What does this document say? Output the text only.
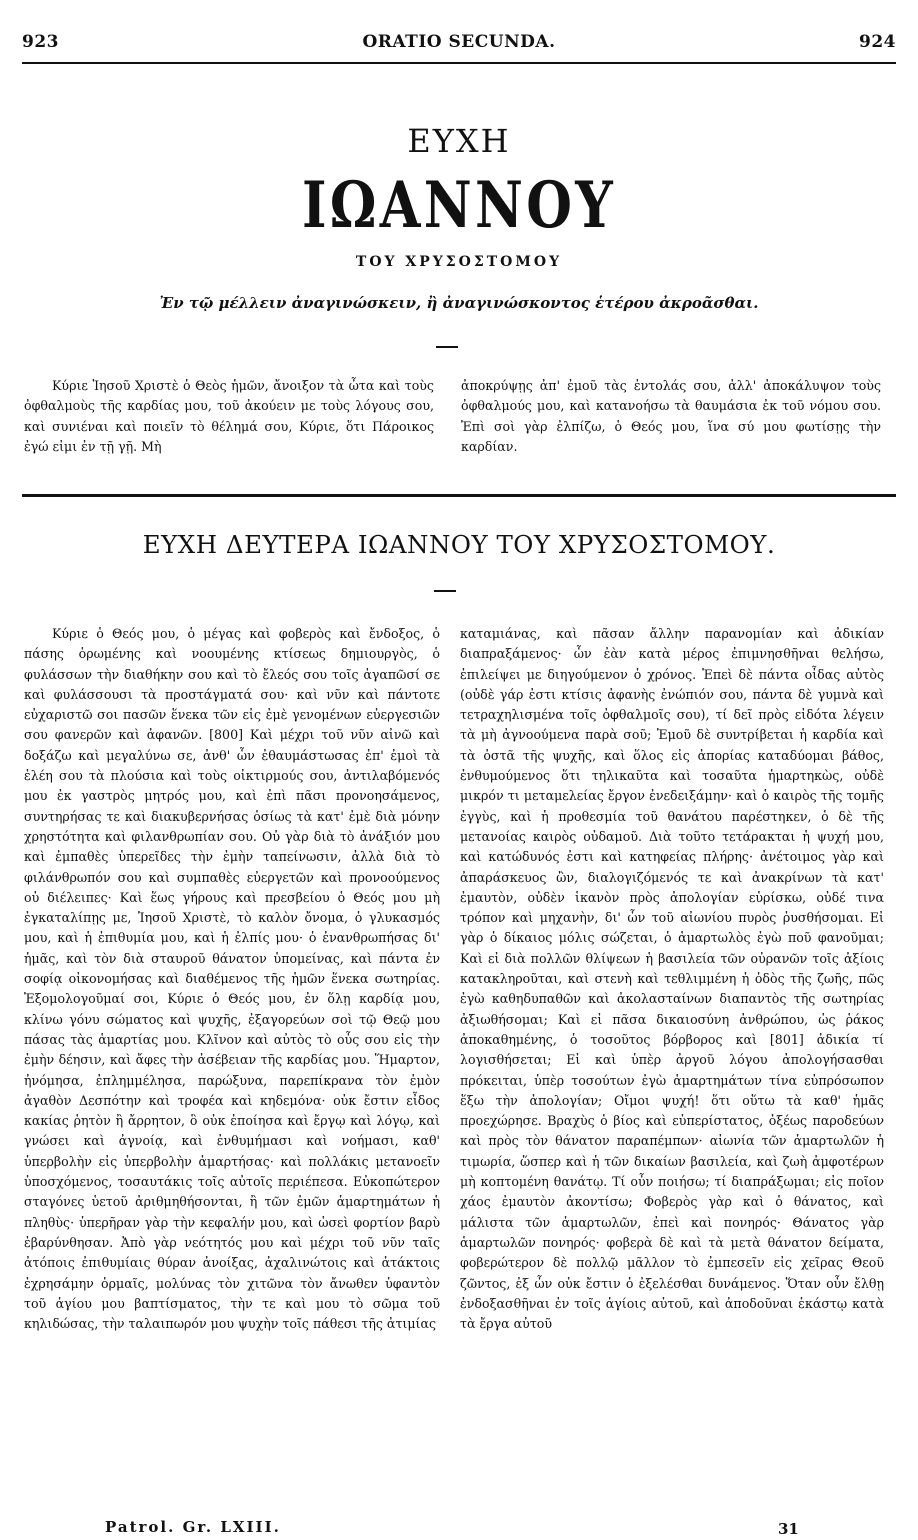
923	ORATIO SECUNDA.	924
ΕΥΧΗ
ΙΩΑΝΝΟΥ
ΤΟΥ ΧΡΥΣΟΣΤΟΜΟΥ
Ἐν τῷ μέλλειν ἀναγινώσκειν, ἢ ἀναγινώσκοντος ἑτέρου ἀκροᾶσθαι.

Κύριε Ἰησοῦ Χριστὲ ὁ Θεὸς ἡμῶν, ἄνοιξον τὰ ὦτα καὶ τοὺς ὀφθαλμοὺς τῆς καρδίας μου, τοῦ ἀκούειν με τοὺς λόγους σου, καὶ συνιέναι καὶ ποιεῖν τὸ θέλημά σου, Κύριε, ὅτι Πάροικος ἐγώ εἰμι ἐν τῇ γῇ. Μὴ

ἀποκρύψῃς ἀπ' ἐμοῦ τὰς ἐντολάς σου, ἀλλ' ἀποκάλυψον τοὺς ὀφθαλμούς μου, καὶ κατανοήσω τὰ θαυμάσια ἐκ τοῦ νόμου σου. Ἐπὶ σοὶ γὰρ ἐλπίζω, ὁ Θεός μου, ἵνα σύ μου φωτίσῃς τὴν καρδίαν.

ΕΥΧΗ ΔΕΥΤΕΡΑ ΙΩΑΝΝΟΥ ΤΟΥ ΧΡΥΣΟΣΤΟΜΟΥ.

Κύριε ὁ Θεός μου, ὁ μέγας καὶ φοβερὸς καὶ ἔνδοξος, ὁ πάσης ὁρωμένης καὶ νοουμένης κτίσεως δημιουργὸς, ὁ φυλάσσων τὴν διαθήκην σου καὶ τὸ ἔλεός σου τοῖς ἀγαπῶσί σε καὶ φυλάσσουσι τὰ προστάγματά σου· καὶ νῦν καὶ πάντοτε εὐχαριστῶ σοι πασῶν ἕνεκα τῶν εἰς ἐμὲ γενομένων εὐεργεσιῶν σου φανερῶν καὶ ἀφανῶν. [800] Καὶ μέχρι τοῦ νῦν αἰνῶ καὶ δοξάζω καὶ μεγαλύνω σε, ἀνθ' ὧν ἐθαυμάστωσας ἐπ' ἐμοὶ τὰ ἐλέη σου τὰ πλούσια καὶ τοὺς οἰκτιρμούς σου, ἀντιλαβόμενός μου ἐκ γαστρὸς μητρός μου, καὶ ἐπὶ πᾶσι προνοησάμενος, συντηρήσας τε καὶ διακυβερνήσας ὁσίως τὰ κατ' ἐμὲ διὰ μόνην χρηστότητα καὶ φιλανθρωπίαν σου. Οὐ γὰρ διὰ τὸ ἀνάξιόν μου καὶ ἐμπαθὲς ὑπερεῖδες τὴν ἐμὴν ταπείνωσιν, ἀλλὰ διὰ τὸ φιλάνθρωπόν σου καὶ συμπαθὲς εὐεργετῶν καὶ προνοούμενος οὐ διέλειπες· Καὶ ἕως γήρους καὶ πρεσβείου ὁ Θεός μου μὴ ἐγκαταλίπῃς με, Ἰησοῦ Χριστὲ, τὸ καλὸν ὄνομα, ὁ γλυκασμός μου, καὶ ἡ ἐπιθυμία μου, καὶ ἡ ἐλπίς μου· ὁ ἐνανθρωπήσας δι' ἡμᾶς, καὶ τὸν διὰ σταυροῦ θάνατον ὑπομείνας, καὶ πάντα ἐν σοφίᾳ οἰκονομήσας καὶ διαθέμενος τῆς ἡμῶν ἕνεκα σωτηρίας. Ἐξομολογοῦμαί σοι, Κύριε ὁ Θεός μου, ἐν ὅλῃ καρδίᾳ μου, κλίνω γόνυ σώματος καὶ ψυχῆς, ἐξαγορεύων σοὶ τῷ Θεῷ μου πάσας τὰς ἁμαρτίας μου. Κλῖνον καὶ αὐτὸς τὸ οὖς σου εἰς τὴν ἐμὴν δέησιν, καὶ ἄφες τὴν ἀσέβειαν τῆς καρδίας μου. Ἥμαρτον, ἠνόμησα, ἐπλημμέλησα, παρώξυνα, παρεπίκρανα τὸν ἐμὸν ἀγαθὸν Δεσπότην καὶ τροφέα καὶ κηδεμόνα· οὐκ ἔστιν εἶδος κακίας ῥητὸν ἢ ἄρρητον, ὃ οὐκ ἐποίησα καὶ ἔργῳ καὶ λόγῳ, καὶ γνώσει καὶ ἀγνοίᾳ, καὶ ἐνθυμήμασι καὶ νοήμασι, καθ' ὑπερβολὴν εἰς ὑπερβολὴν ἁμαρτήσας· καὶ πολλάκις μετανοεῖν ὑποσχόμενος, τοσαυτάκις τοῖς αὐτοῖς περιέπεσα. Εὐκοπώτερον σταγόνες ὑετοῦ ἀριθμηθήσονται, ἢ τῶν ἐμῶν ἁμαρτημάτων ἡ πληθὺς· ὑπερῆραν γὰρ τὴν κεφαλήν μου, καὶ ὡσεὶ φορτίον βαρὺ ἐβαρύνθησαν. Ἀπὸ γὰρ νεότητός μου καὶ μέχρι τοῦ νῦν ταῖς ἀτόποις ἐπιθυμίαις θύραν ἀνοίξας, ἀχαλινώτοις καὶ ἀτάκτοις ἐχρησάμην ὁρμαῖς, μολύνας τὸν χιτῶνα τὸν ἄνωθεν ὑφαντὸν τοῦ ἁγίου μου βαπτίσματος, τὴν τε καὶ μου τὸ σῶμα τοῦ κηλιδώσας, τὴν ταλαιπωρόν μου ψυχὴν τοῖς πάθεσι τῆς ἀτιμίας

καταμιάνας, καὶ πᾶσαν ἄλλην παρανομίαν καὶ ἀδικίαν διαπραξάμενος· ὧν ἐὰν κατὰ μέρος ἐπιμνησθῆναι θελήσω, ἐπιλείψει με διηγούμενον ὁ χρόνος. Ἐπεὶ δὲ πάντα οἶδας αὐτὸς (οὐδὲ γάρ ἐστι κτίσις ἀφανὴς ἐνώπιόν σου, πάντα δὲ γυμνὰ καὶ τετραχηλισμένα τοῖς ὀφθαλμοῖς σου), τί δεῖ πρὸς εἰδότα λέγειν τὰ μὴ ἀγνοούμενα παρὰ σοῦ; Ἐμοῦ δὲ συντρίβεται ἡ καρδία καὶ τὰ ὀστᾶ τῆς ψυχῆς, καὶ ὅλος εἰς ἀπορίας καταδύομαι βάθος, ἐνθυμούμενος ὅτι τηλικαῦτα καὶ τοσαῦτα ἡμαρτηκὼς, οὐδὲ μικρόν τι μεταμελείας ἔργον ἐνεδειξάμην· καὶ ὁ καιρὸς τῆς τομῆς ἐγγὺς, καὶ ἡ προθεσμία τοῦ θανάτου παρέστηκεν, ὁ δὲ τῆς μετανοίας καιρὸς οὐδαμοῦ. Διὰ τοῦτο τετάρακται ἡ ψυχή μου, καὶ κατώδυνός ἐστι καὶ κατηφείας πλήρης· ἀνέτοιμος γὰρ καὶ ἀπαράσκευος ὢν, διαλογιζόμενός τε καὶ ἀνακρίνων τὰ κατ' ἐμαυτὸν, οὐδὲν ἱκανὸν πρὸς ἀπολογίαν εὑρίσκω, οὐδέ τινα τρόπον καὶ μηχανὴν, δι' ὧν τοῦ αἰωνίου πυρὸς ῥυσθήσομαι. Εἰ γὰρ ὁ δίκαιος μόλις σώζεται, ὁ ἁμαρτωλὸς ἐγὼ ποῦ φανοῦμαι; Καὶ εἰ διὰ πολλῶν θλίψεων ἡ βασιλεία τῶν οὐρανῶν τοῖς ἀξίοις κατακληροῦται, καὶ στενὴ καὶ τεθλιμμένη ἡ ὁδὸς τῆς ζωῆς, πῶς ἐγὼ καθηδυπαθῶν καὶ ἀκολασταίνων διαπαντὸς τῆς σωτηρίας ἀξιωθήσομαι; Καὶ εἰ πᾶσα δικαιοσύνη ἀνθρώπου, ὡς ῥάκος ἀποκαθημένης, ὁ τοσοῦτος βόρβορος καὶ [801] ἀδικία τί λογισθήσεται; Εἰ καὶ ὑπὲρ ἀργοῦ λόγου ἀπολογήσασθαι πρόκειται, ὑπὲρ τοσούτων ἐγὼ ἁμαρτημάτων τίνα εὐπρόσωπον ἕξω τὴν ἀπολογίαν; Οἴμοι ψυχή! ὅτι οὕτω τὰ καθ' ἡμᾶς προεχώρησε. Βραχὺς ὁ βίος καὶ εὐπερίστατος, ὀξέως παροδεύων καὶ πρὸς τὸν θάνατον παραπέμπων· αἰωνία τῶν ἁμαρτωλῶν ἡ τιμωρία, ὥσπερ καὶ ἡ τῶν δικαίων βασιλεία, καὶ ζωὴ ἀμφοτέρων μὴ κοπτομένη θανάτῳ. Τί οὖν ποιήσω; τί διαπράξωμαι; εἰς ποῖον χάος ἐμαυτὸν ἀκοντίσω; Φοβερὸς γὰρ καὶ ὁ θάνατος, καὶ μάλιστα τῶν ἁμαρτωλῶν, ἐπεὶ καὶ πονηρός· Θάνατος γὰρ ἁμαρτωλῶν πονηρός· φοβερὰ δὲ καὶ τὰ μετὰ θάνατον δείματα, φοβερώτερον δὲ πολλῷ μᾶλλον τὸ ἐμπεσεῖν εἰς χεῖρας Θεοῦ ζῶντος, ἐξ ὧν οὐκ ἔστιν ὁ ἐξελέσθαι δυνάμενος. Ὅταν οὖν ἔλθῃ ἐνδοξασθῆναι ἐν τοῖς ἁγίοις αὐτοῦ, καὶ ἀποδοῦναι ἑκάστῳ κατὰ τὰ ἔργα αὐτοῦ

Patrol. Gr. LXIII.	31
